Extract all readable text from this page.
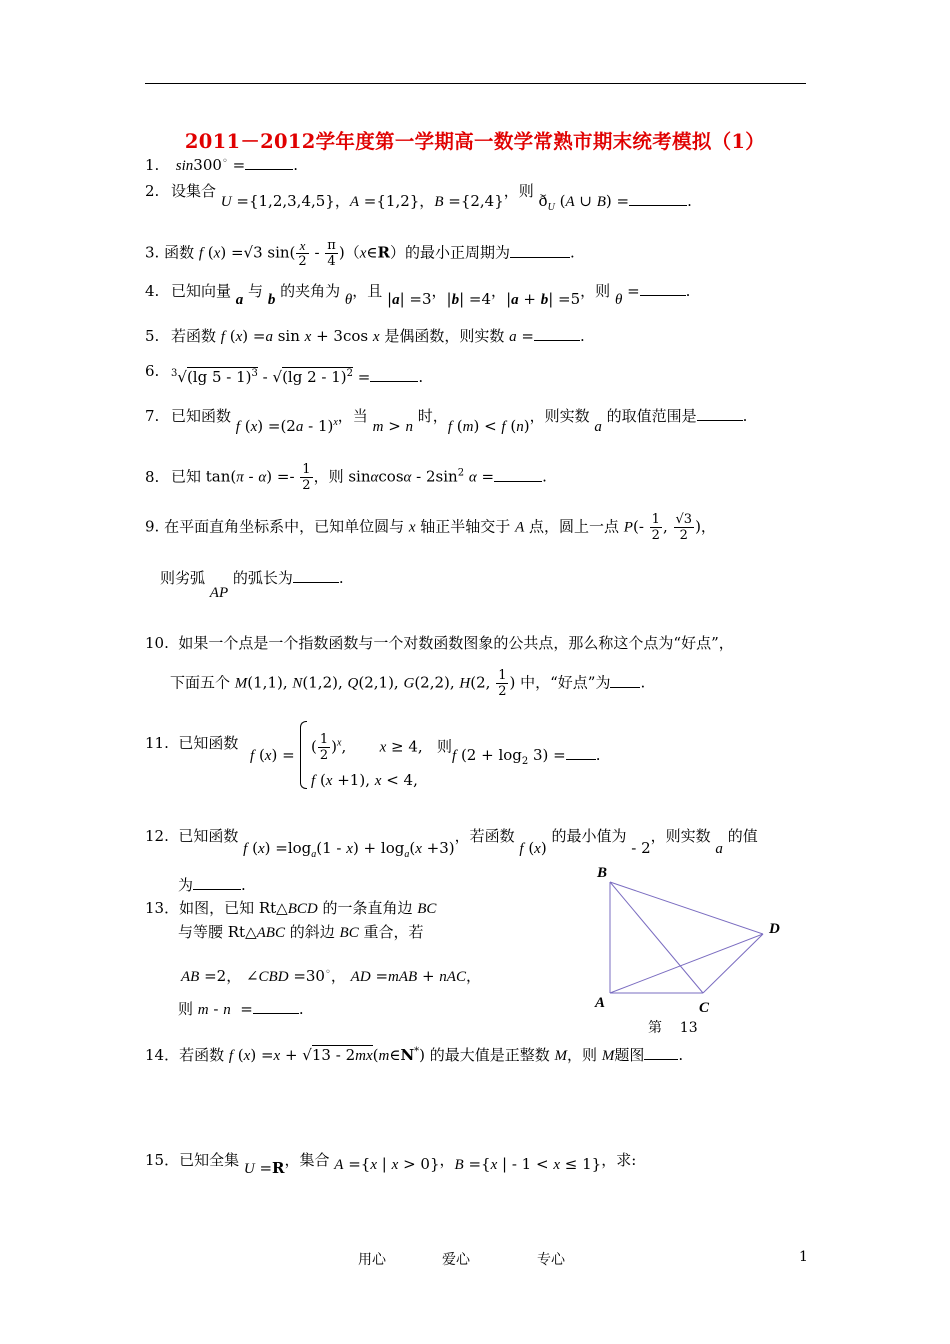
2011－2012学年度第一学期高一数学常熟市期末统考模拟（1）
1. sin300◦ =	.
2. 设集合 U ={1,2,3,4,5}，A ={1,2}，B ={2,4}，则 $ð_U$ (A ∪ B) =	.
3. 函数 f (x) =√3 $\sin( \frac{x}{2} - \frac{\pi}{4}$ )（x∈R）的最小正周期为	.
4. 已知向量 a 与 b 的夹角为 θ，且 |a| =3，|b| =4，|a + b| =5，则 θ =	.
5. 若函数 f (x) =a sin x + 3cos x 是偶函数，则实数 a =	.
6. $^3$√(lg 5 - 1)$^3$ - √(lg 2 - 1)$^2$ =	.
7. 已知函数 f (x) =(2a - 1)$^x$，当 m > n 时，f (m) < f (n)，则实数 a 的取值范围是	.
8. 已知 $\tan(\pi - \alpha) =- \frac{1}{2}$ ，则 sinαcosα - $2\sin^2$ α =	.
9. 在平面直角坐标系中，已知单位圆与 x 轴正半轴交于 A 点，圆上一点 $P(- \frac{1}{2}$ , $\frac{√3}{2}$ )，
则劣弧 AP 的弧长为	.
10.  如果一个点是一个指数函数与一个对数函数图象的公共点，那么称这个点为“好点”，
下面五个 M(1,1), N(1,2), Q(2,1), G(2,2), H(2, $\frac{1}{2}$ ) 中，“好点”为 .
11.  已知函数
f (x) = ( $\frac{1}{2} )^x$,       x ≥ 4,   则
f (x +1), x < 4,
f $(2 + \log_2 3)$ = .
12.  已知函数 f $(x) =\log_a(1 - x) + \log_a(x +3)$，若函数 f (x) 的最小值为 - 2，则实数 a 的值
为	.
13．如图，已知 Rt△BCD 的一条直角边 BC
与等腰 Rt△ABC 的斜边 BC 重合，若
AB =2， ∠CBD =30◦， AD =mAB + nAC，
则 m - n  =	.
B
D
A	C
第    13
14．若函数 f (x) =x + √13 - 2mx(m∈N*) 的最大值是正整数 M，则 M题图 .
15．已知全集 U =R，集合 A ={x | x > 0}，B ={x | - 1 < x ≤ 1}，求:
用心	爱心	专心	1
